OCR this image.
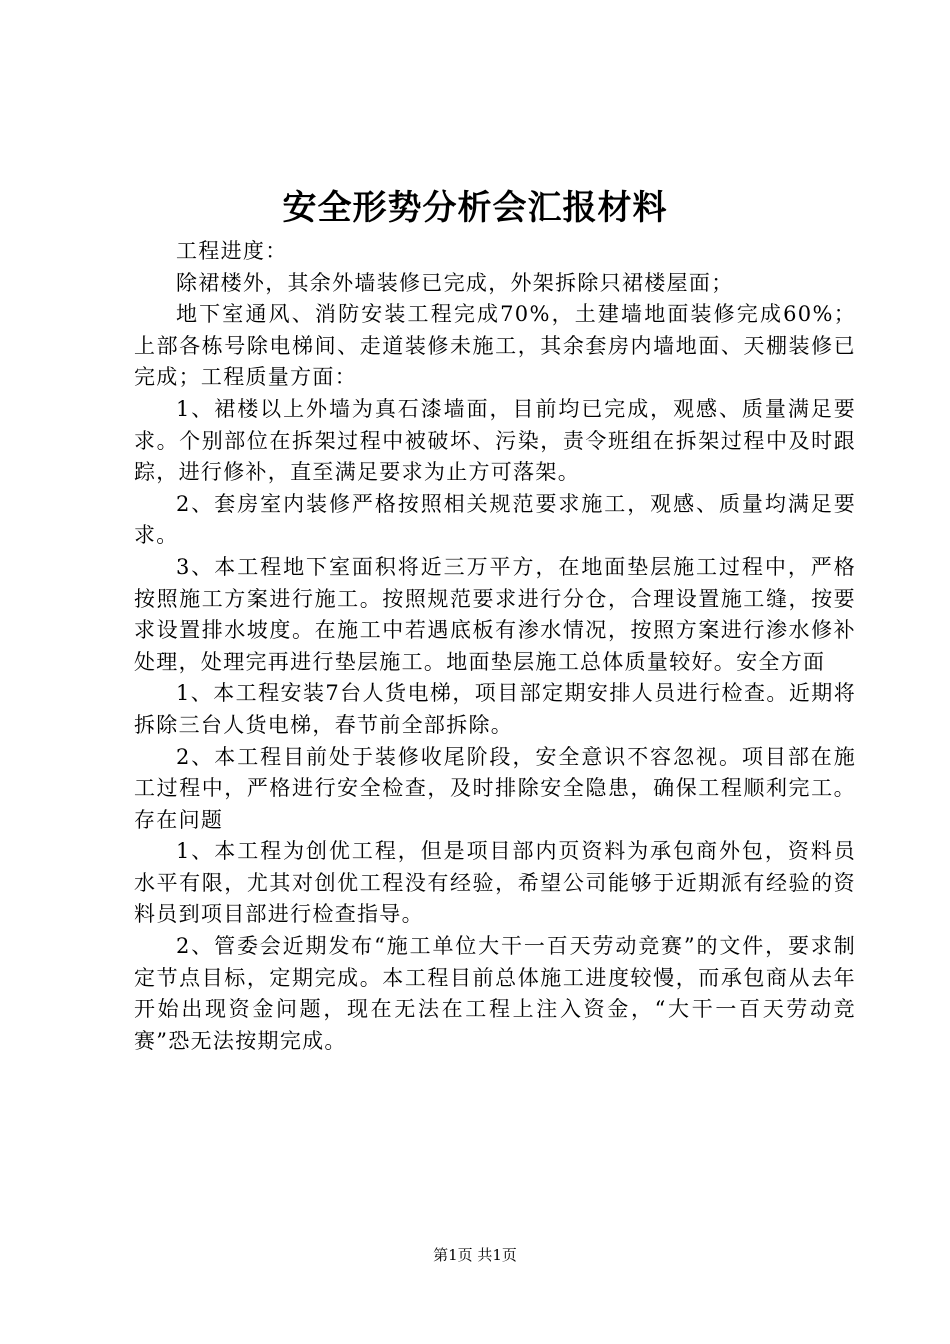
安全形势分析会汇报材料

工程进度：

除裙楼外，其余外墙装修已完成，外架拆除只裙楼屋面；

地下室通风、消防安装工程完成70%，土建墙地面装修完成60%；上部各栋号除电梯间、走道装修未施工，其余套房内墙地面、天棚装修已完成；工程质量方面：

1、裙楼以上外墙为真石漆墙面，目前均已完成，观感、质量满足要求。个别部位在拆架过程中被破坏、污染，责令班组在拆架过程中及时跟踪，进行修补，直至满足要求为止方可落架。

2、套房室内装修严格按照相关规范要求施工，观感、质量均满足要求。

3、本工程地下室面积将近三万平方，在地面垫层施工过程中，严格按照施工方案进行施工。按照规范要求进行分仓，合理设置施工缝，按要求设置排水坡度。在施工中若遇底板有渗水情况，按照方案进行渗水修补处理，处理完再进行垫层施工。地面垫层施工总体质量较好。安全方面

1、本工程安装7台人货电梯，项目部定期安排人员进行检查。近期将拆除三台人货电梯，春节前全部拆除。

2、本工程目前处于装修收尾阶段，安全意识不容忽视。项目部在施工过程中，严格进行安全检查，及时排除安全隐患，确保工程顺利完工。存在问题

1、本工程为创优工程，但是项目部内页资料为承包商外包，资料员水平有限，尤其对创优工程没有经验，希望公司能够于近期派有经验的资料员到项目部进行检查指导。

2、管委会近期发布“施工单位大干一百天劳动竞赛”的文件，要求制定节点目标，定期完成。本工程目前总体施工进度较慢，而承包商从去年开始出现资金问题，现在无法在工程上注入资金，“大干一百天劳动竞赛”恐无法按期完成。

第1页 共1页
